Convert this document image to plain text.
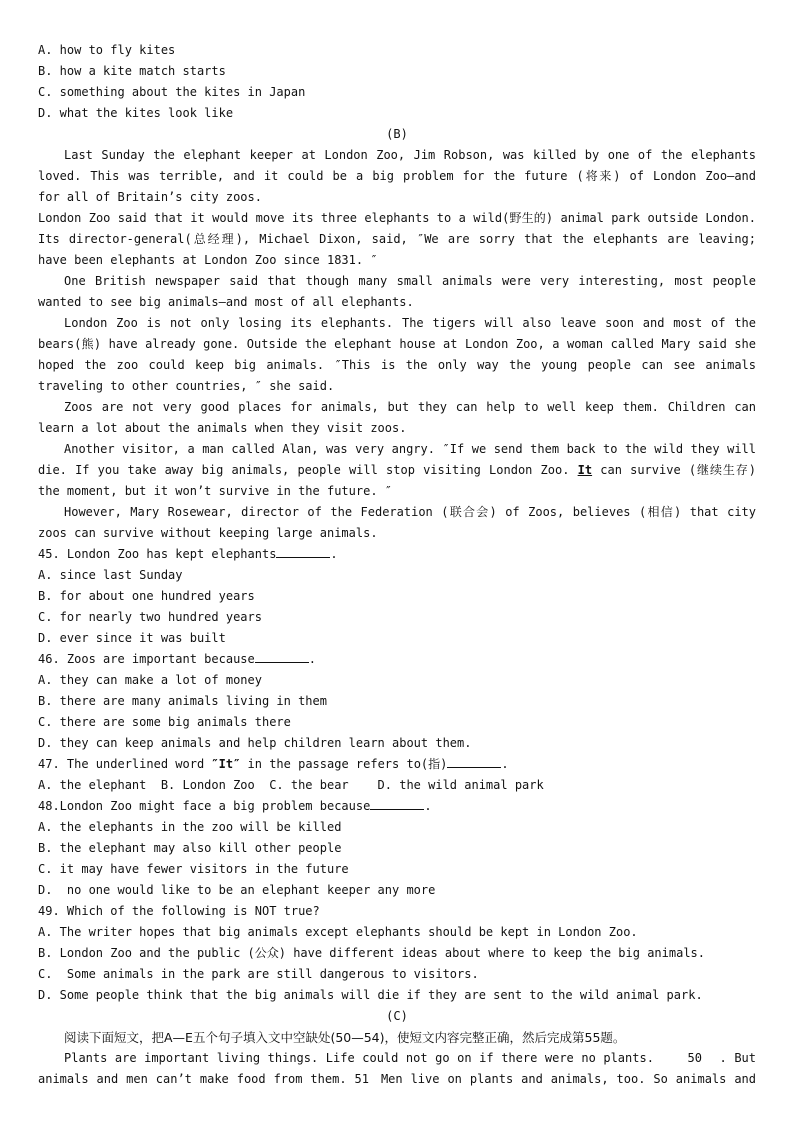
A. how to fly kites
B. how a kite match starts
C. something about the kites in Japan
D. what the kites look like
(B)
Last Sunday the elephant keeper at London Zoo, Jim Robson, was killed by one of the elephants
loved. This was terrible, and it could be a big problem for the future (将来) of London Zoo—and
for all of Britain’s city zoos.
London Zoo said that it would move its three elephants to a wild(野生的) animal park outside London.
Its director-general(总经理), Michael Dixon, said, ″We are sorry that the elephants are leaving;
have been elephants at London Zoo since 1831. ″
One British newspaper said that though many small animals were very interesting, most people
wanted to see big animals—and most of all elephants.
London Zoo is not only losing its elephants. The tigers will also leave soon and most of the
bears(熊) have already gone. Outside the elephant house at London Zoo, a woman called Mary said she
hoped the zoo could keep big animals. ″This is the only way the young people can see animals
traveling to other countries, ″ she said.
Zoos are not very good places for animals, but they can help to well keep them. Children can
learn a lot about the animals when they visit zoos.
Another visitor, a man called Alan, was very angry. ″If we send them back to the wild they will
die. If you take away big animals, people will stop visiting London Zoo. It can survive (继续生存)
the moment, but it won’t survive in the future. ″
However, Mary Rosewear, director of the Federation (联合会) of Zoos, believes (相信) that city
zoos can survive without keeping large animals.
45. London Zoo has kept elephants	.
A. since last Sunday
B. for about one hundred years
C. for nearly two hundred years
D. ever since it was built
46. Zoos are important because	.
A. they can make a lot of money
B. there are many animals living in them
C. there are some big animals there
D. they can keep animals and help children learn about them.
47. The underlined word ″It″ in the passage refers to(指)	.
A. the elephant  B. London Zoo  C. the bear    D. the wild animal park
48.London Zoo might face a big problem because	.
A. the elephants in the zoo will be killed
B. the elephant may also kill other people
C. it may have fewer visitors in the future
D.  no one would like to be an elephant keeper any more
49. Which of the following is NOT true?
A. The writer hopes that big animals except elephants should be kept in London Zoo.
B. London Zoo and the public (公众) have different ideas about where to keep the big animals.
C.  Some animals in the park are still dangerous to visitors.
D. Some people think that the big animals will die if they are sent to the wild animal park.
(C)
阅读下面短文，把A—E五个句子填入文中空缺处(50—54)，使短文内容完整正确，然后完成第55题。
Plants are important living things. Life could not go on if there were no plants.	50 . But
animals and men can’t make food from them. 51 Men live on plants and animals, too. So animals and
